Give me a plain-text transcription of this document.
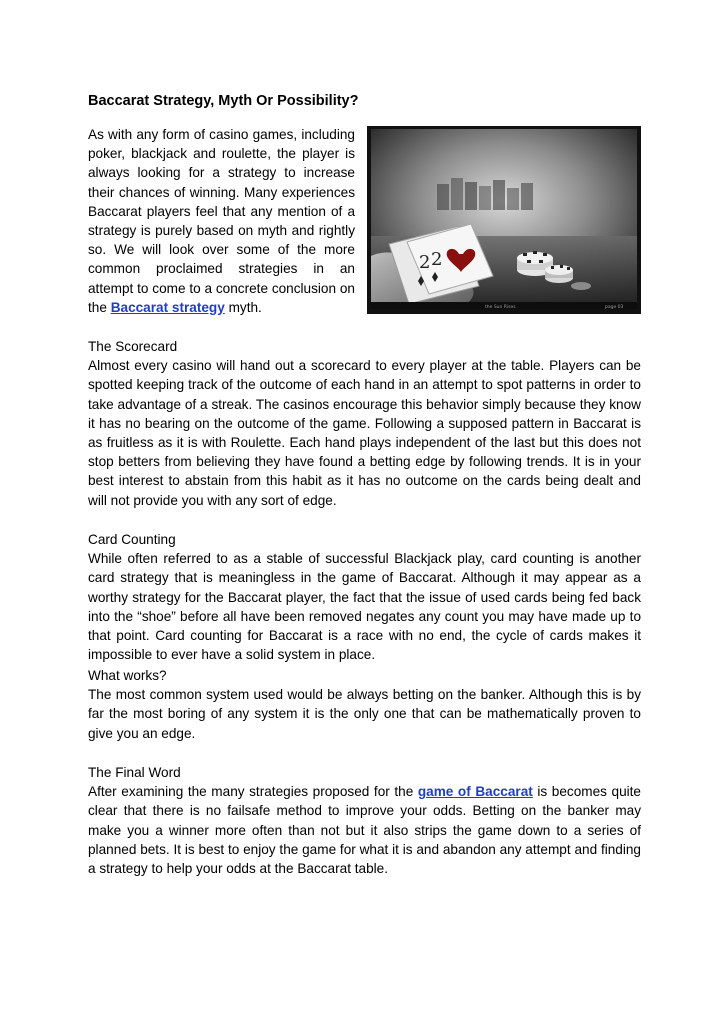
Baccarat Strategy, Myth Or Possibility?

As with any form of casino games, including poker, blackjack and roulette, the player is always looking for a strategy to increase their chances of winning. Many experiences Baccarat players feel that any mention of a strategy is purely based on myth and rightly so. We will look over some of the more common proclaimed strategies in an attempt to come to a concrete conclusion on the Baccarat strategy myth.

The Scorecard

Almost every casino will hand out a scorecard to every player at the table. Players can be spotted keeping track of the outcome of each hand in an attempt to spot patterns in order to take advantage of a streak. The casinos encourage this behavior simply because they know it has no bearing on the outcome of the game. Following a supposed pattern in Baccarat is as fruitless as it is with Roulette. Each hand plays independent of the last but this does not stop betters from believing they have found a betting edge by following trends. It is in your best interest to abstain from this habit as it has no outcome on the cards being dealt and will not provide you with any sort of edge.

Card Counting

While often referred to as a stable of successful Blackjack play, card counting is another card strategy that is meaningless in the game of Baccarat. Although it may appear as a worthy strategy for the Baccarat player, the fact that the issue of used cards being fed back into the “shoe” before all have been removed negates any count you may have made up to that point. Card counting for Baccarat is a race with no end, the cycle of cards makes it impossible to ever have a solid system in place.

What works?

The most common system used would be always betting on the banker. Although this is by far the most boring of any system it is the only one that can be mathematically proven to give you an edge.

The Final Word

After examining the many strategies proposed for the game of Baccarat is becomes quite clear that there is no failsafe method to improve your odds. Betting on the banker may make you a winner more often than not but it also strips the game down to a series of planned bets. It is best to enjoy the game for what it is and abandon any attempt and finding a strategy to help your odds at the Baccarat table.

2 2
the Sun Rises	page 03
